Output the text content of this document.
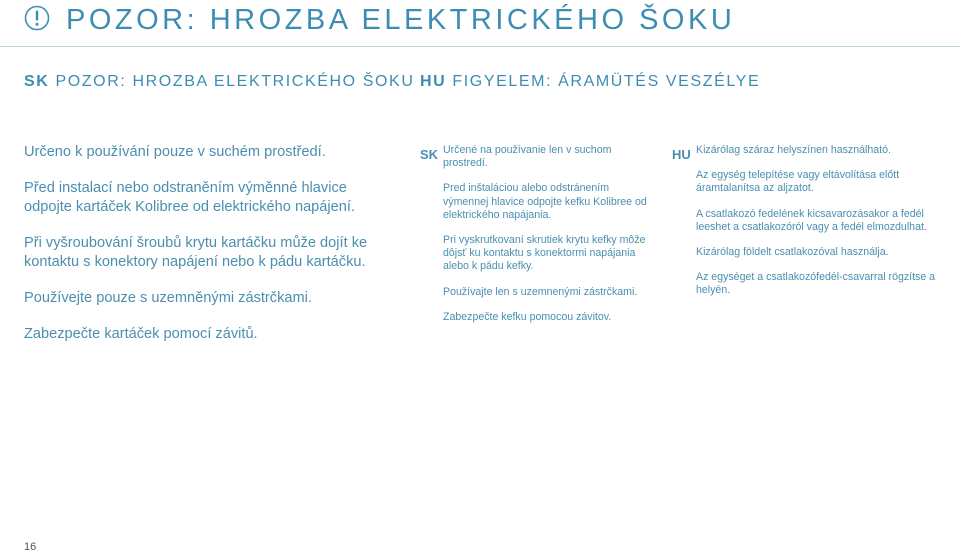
POZOR: HROZBA ELEKTRICKÉHO ŠOKU
SK POZOR: HROZBA ELEKTRICKÉHO ŠOKU HU FIGYELEM: ÁRAMÜTÉS VESZÉLYE

Určeno k používání pouze v suchém prostředí.

Před instalací nebo odstraněním výměnné hlavice odpojte kartáček Kolibree od elektrického napájení.

Při vyšroubování šroubů krytu kartáčku může dojít ke kontaktu s konektory napájení nebo k pádu kartáčku.

Používejte pouze s uzemněnými zástrčkami.

Zabezpečte kartáček pomocí závitů.

SK Určené na používanie len v suchom prostredí.

Pred inštaláciou alebo odstránením výmennej hlavice odpojte kefku Kolibree od elektrického napájania.

Pri vyskrutkovaní skrutiek krytu kefky môže dôjsť ku kontaktu s konektormi napájania alebo k pádu kefky.

Používajte len s uzemnenými zástrčkami.

Zabezpečte kefku pomocou závitov.

HU Kizárólag száraz helyszínen használható.

Az egység telepítése vagy eltávolítása előtt áramtalanítsa az aljzatot.

A csatlakozó fedelének kicsavarozásakor a fedél leeshet a csatlakozóról vagy a fedél elmozdulhat.

Kizárólag földelt csatlakozóval használja.

Az egységet a csatlakozófedél-csavarral rögzítse a helyén.

16
